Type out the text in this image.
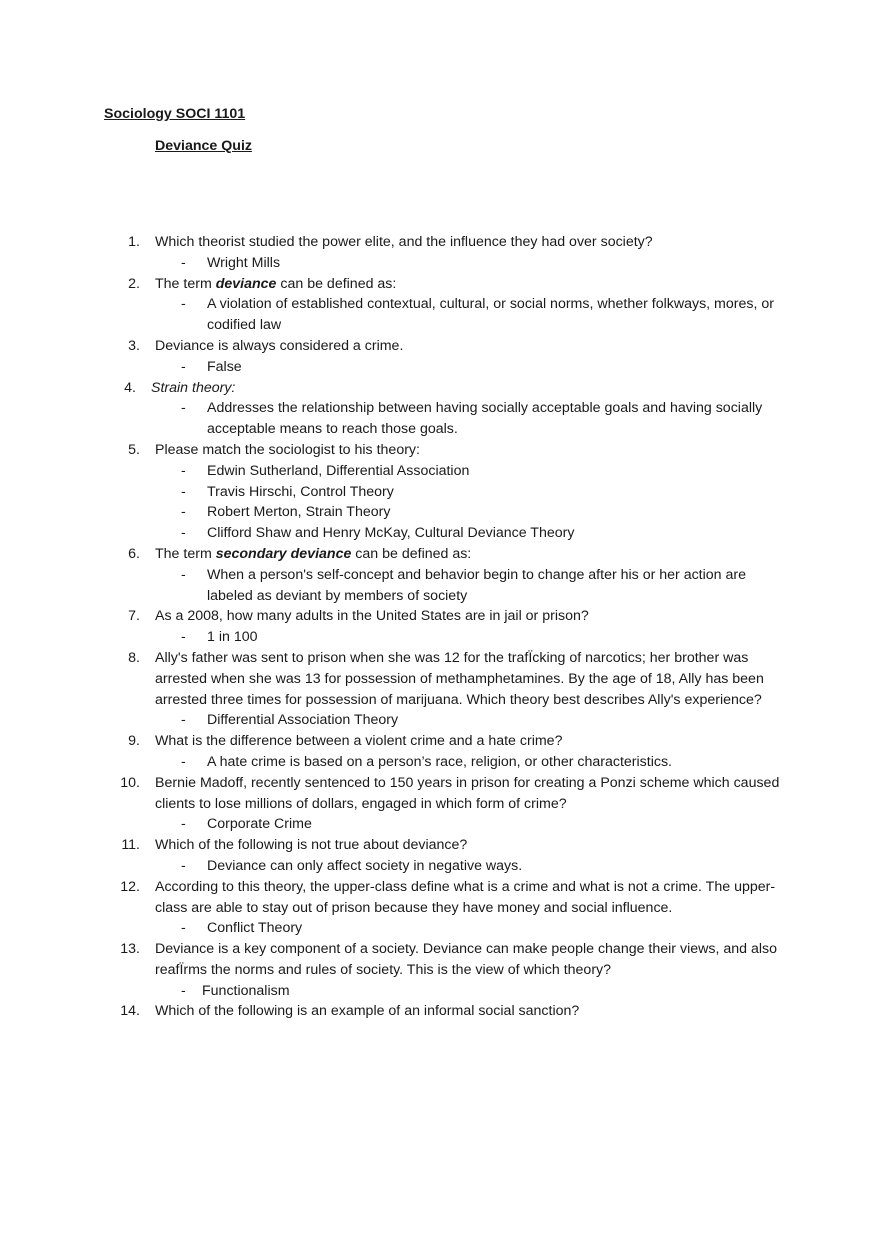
Sociology SOCI 1101

Deviance Quiz

1. Which theorist studied the power elite, and the influence they had over society?
- Wright Mills
2. The term deviance can be defined as:
- A violation of established contextual, cultural, or social norms, whether folkways, mores, or codified law
3. Deviance is always considered a crime.
- False
4. Strain theory:
- Addresses the relationship between having socially acceptable goals and having socially acceptable means to reach those goals.
5. Please match the sociologist to his theory:
- Edwin Sutherland, Differential Association
- Travis Hirschi, Control Theory
- Robert Merton, Strain Theory
- Clifford Shaw and Henry McKay, Cultural Deviance Theory
6. The term secondary deviance can be defined as:
- When a person's self-concept and behavior begin to change after his or her action are labeled as deviant by members of society
7. As a 2008, how many adults in the United States are in jail or prison?
- 1 in 100
8. Ally's father was sent to prison when she was 12 for the trafÏcking of narcotics; her brother was arrested when she was 13 for possession of methamphetamines. By the age of 18, Ally has been arrested three times for possession of marijuana. Which theory best describes Ally's experience?
- Differential Association Theory
9. What is the difference between a violent crime and a hate crime?
- A hate crime is based on a person’s race, religion, or other characteristics.
10. Bernie Madoff, recently sentenced to 150 years in prison for creating a Ponzi scheme which caused clients to lose millions of dollars, engaged in which form of crime?
- Corporate Crime
11. Which of the following is not true about deviance?
- Deviance can only affect society in negative ways.
12. According to this theory, the upper-class define what is a crime and what is not a crime. The upper-class are able to stay out of prison because they have money and social influence.
- Conflict Theory
13. Deviance is a key component of a society. Deviance can make people change their views, and also reafÏrms the norms and rules of society. This is the view of which theory?
- Functionalism
14. Which of the following is an example of an informal social sanction?
